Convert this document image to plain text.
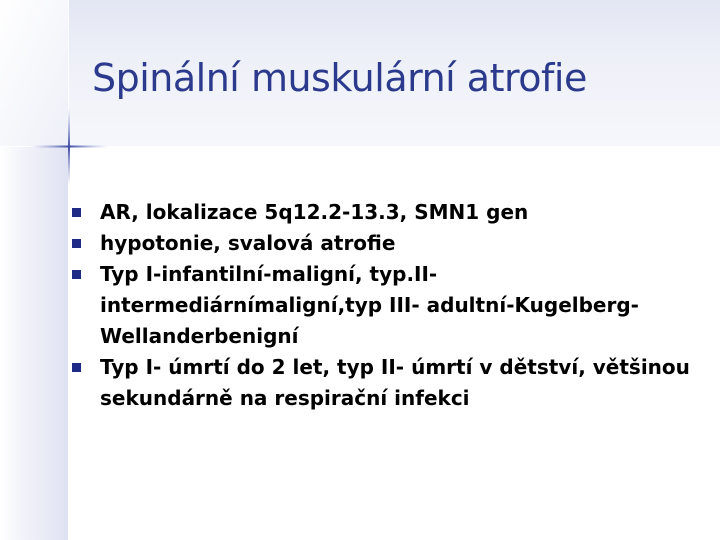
Spinální muskulární atrofie
AR, lokalizace 5q12.2-13.3, SMN1 gen
hypotonie, svalová atrofie
Typ I-infantilní-maligní, typ.II-intermediárnímaligní,typ III- adultní-Kugelberg-Wellanderbenigní
Typ I- úmrtí do 2 let, typ II- úmrtí v dětství, většinou sekundárně na respirační infekci
